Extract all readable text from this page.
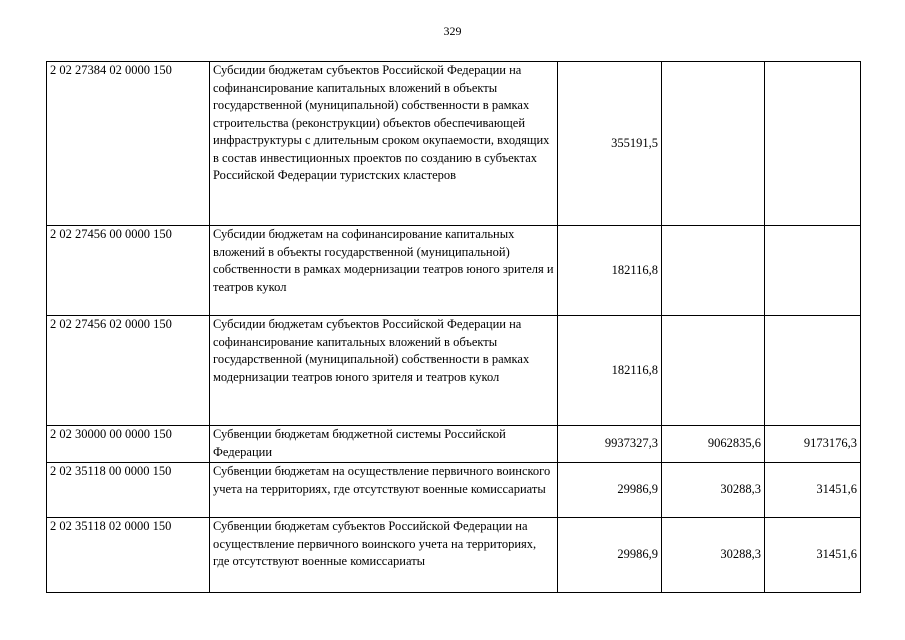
329
2 02 27384 02 0000 150	Субсидии бюджетам субъектов Российской Федерации на софинансирование капитальных вложений в объекты государственной (муниципальной) собственности в рамках строительства (реконструкции) объектов обеспечивающей инфраструктуры с длительным сроком окупаемости, входящих в состав инвестиционных проектов по созданию в субъектах Российской Федерации туристских кластеров	355191,5		
2 02 27456 00 0000 150	Субсидии бюджетам на софинансирование капитальных вложений в объекты государственной (муниципальной) собственности в рамках модернизации театров юного зрителя и театров кукол	182116,8		
2 02 27456 02 0000 150	Субсидии бюджетам субъектов Российской Федерации на софинансирование капитальных вложений в объекты государственной (муниципальной) собственности в рамках модернизации театров юного зрителя и театров кукол	182116,8		
2 02 30000 00 0000 150	Субвенции бюджетам бюджетной системы Российской Федерации	9937327,3	9062835,6	9173176,3
2 02 35118 00 0000 150	Субвенции бюджетам на осуществление первичного воинского учета на территориях, где отсутствуют военные комиссариаты	29986,9	30288,3	31451,6
2 02 35118 02 0000 150	Субвенции бюджетам субъектов Российской Федерации на осуществление первичного воинского учета на территориях, где отсутствуют военные комиссариаты	29986,9	30288,3	31451,6
